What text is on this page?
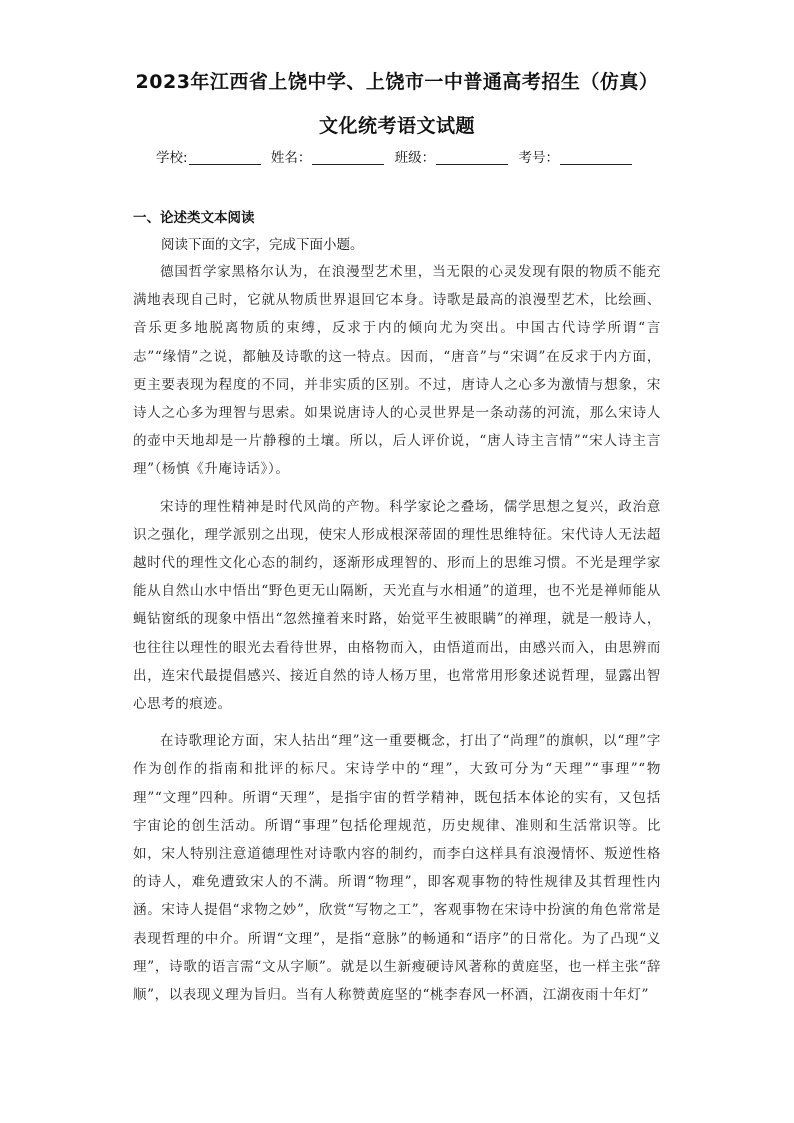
2023年江西省上饶中学、上饶市一中普通高考招生（仿真）
文化统考语文试题
学校:	姓名：	班级：	考号：
一、论述类文本阅读
阅读下面的文字，完成下面小题。

德国哲学家黑格尔认为，在浪漫型艺术里，当无限的心灵发现有限的物质不能充满地表现自己时，它就从物质世界退回它本身。诗歌是最高的浪漫型艺术，比绘画、音乐更多地脱离物质的束缚，反求于内的倾向尤为突出。中国古代诗学所谓“言志”“缘情”之说，都触及诗歌的这一特点。因而，“唐音”与“宋调”在反求于内方面，更主要表现为程度的不同，并非实质的区别。不过，唐诗人之心多为激情与想象，宋诗人之心多为理智与思索。如果说唐诗人的心灵世界是一条动荡的河流，那么宋诗人的壶中天地却是一片静穆的土壤。所以，后人评价说，“唐人诗主言情”“宋人诗主言理”（杨慎《升庵诗话》）。

宋诗的理性精神是时代风尚的产物。科学家论之叠场，儒学思想之复兴，政治意识之强化，理学派别之出现，使宋人形成根深蒂固的理性思维特征。宋代诗人无法超越时代的理性文化心态的制约，逐渐形成理智的、形而上的思维习惯。不光是理学家能从自然山水中悟出“野色更无山隔断，天光直与水相通”的道理，也不光是禅师能从蝇钻窗纸的现象中悟出“忽然撞着来时路，始觉平生被眼瞒”的禅理，就是一般诗人，也往往以理性的眼光去看待世界，由格物而入，由悟道而出，由感兴而入，由思辨而出，连宋代最提倡感兴、接近自然的诗人杨万里，也常常用形象述说哲理，显露出智心思考的痕迹。

在诗歌理论方面，宋人拈出“理”这一重要概念，打出了“尚理”的旗帜，以“理”字作为创作的指南和批评的标尺。宋诗学中的“理”，大致可分为“天理”“事理”“物理”“文理”四种。所谓“天理”，是指宇宙的哲学精神，既包括本体论的实有，又包括宇宙论的创生活动。所谓“事理”包括伦理规范，历史规律、准则和生活常识等。比如，宋人特别注意道德理性对诗歌内容的制约，而李白这样具有浪漫情怀、叛逆性格的诗人，难免遭致宋人的不满。所谓“物理”，即客观事物的特性规律及其哲理性内涵。宋诗人提倡“求物之妙”，欣赏“写物之工”，客观事物在宋诗中扮演的角色常常是表现哲理的中介。所谓“文理”，是指“意脉”的畅通和“语序”的日常化。为了凸现“义理”，诗歌的语言需“文从字顺”。就是以生新瘦硬诗风著称的黄庭坚，也一样主张“辞顺”，以表现义理为旨归。当有人称赞黄庭坚的“桃李春风一杯酒，江湖夜雨十年灯”
